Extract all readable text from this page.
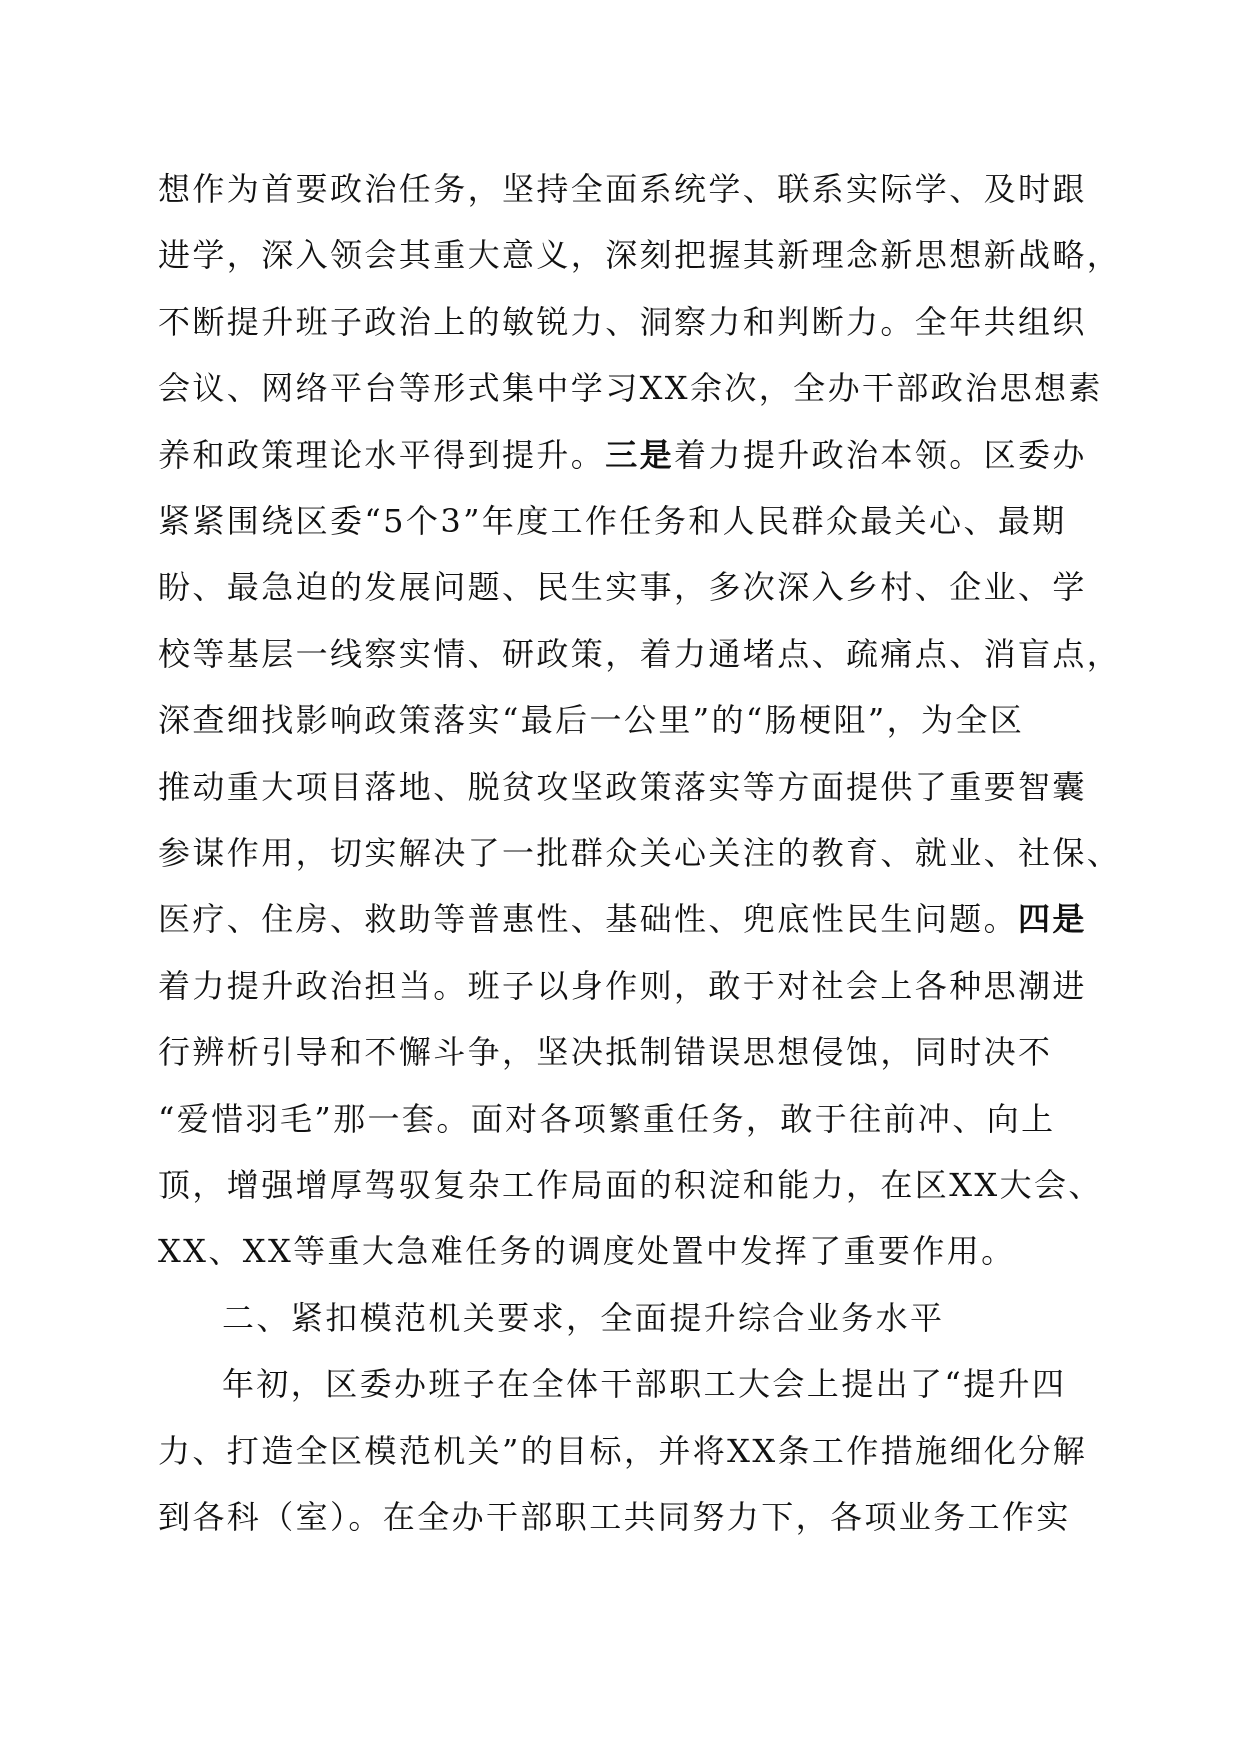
想作为首要政治任务，坚持全面系统学、联系实际学、及时跟
进学，深入领会其重大意义，深刻把握其新理念新思想新战略，
不断提升班子政治上的敏锐力、洞察力和判断力。全年共组织
会议、网络平台等形式集中学习XX余次，全办干部政治思想素
养和政策理论水平得到提升。三是着力提升政治本领。区委办
紧紧围绕区委“5个3”年度工作任务和人民群众最关心、最期
盼、最急迫的发展问题、民生实事，多次深入乡村、企业、学
校等基层一线察实情、研政策，着力通堵点、疏痛点、消盲点，
深查细找影响政策落实“最后一公里”的“肠梗阻”，为全区
推动重大项目落地、脱贫攻坚政策落实等方面提供了重要智囊
参谋作用，切实解决了一批群众关心关注的教育、就业、社保、
医疗、住房、救助等普惠性、基础性、兜底性民生问题。四是
着力提升政治担当。班子以身作则，敢于对社会上各种思潮进
行辨析引导和不懈斗争，坚决抵制错误思想侵蚀，同时决不
“爱惜羽毛”那一套。面对各项繁重任务，敢于往前冲、向上
顶，增强增厚驾驭复杂工作局面的积淀和能力，在区XX大会、
XX、XX等重大急难任务的调度处置中发挥了重要作用。
二、紧扣模范机关要求，全面提升综合业务水平
年初，区委办班子在全体干部职工大会上提出了“提升四
力、打造全区模范机关”的目标，并将XX条工作措施细化分解
到各科（室）。在全办干部职工共同努力下，各项业务工作实
